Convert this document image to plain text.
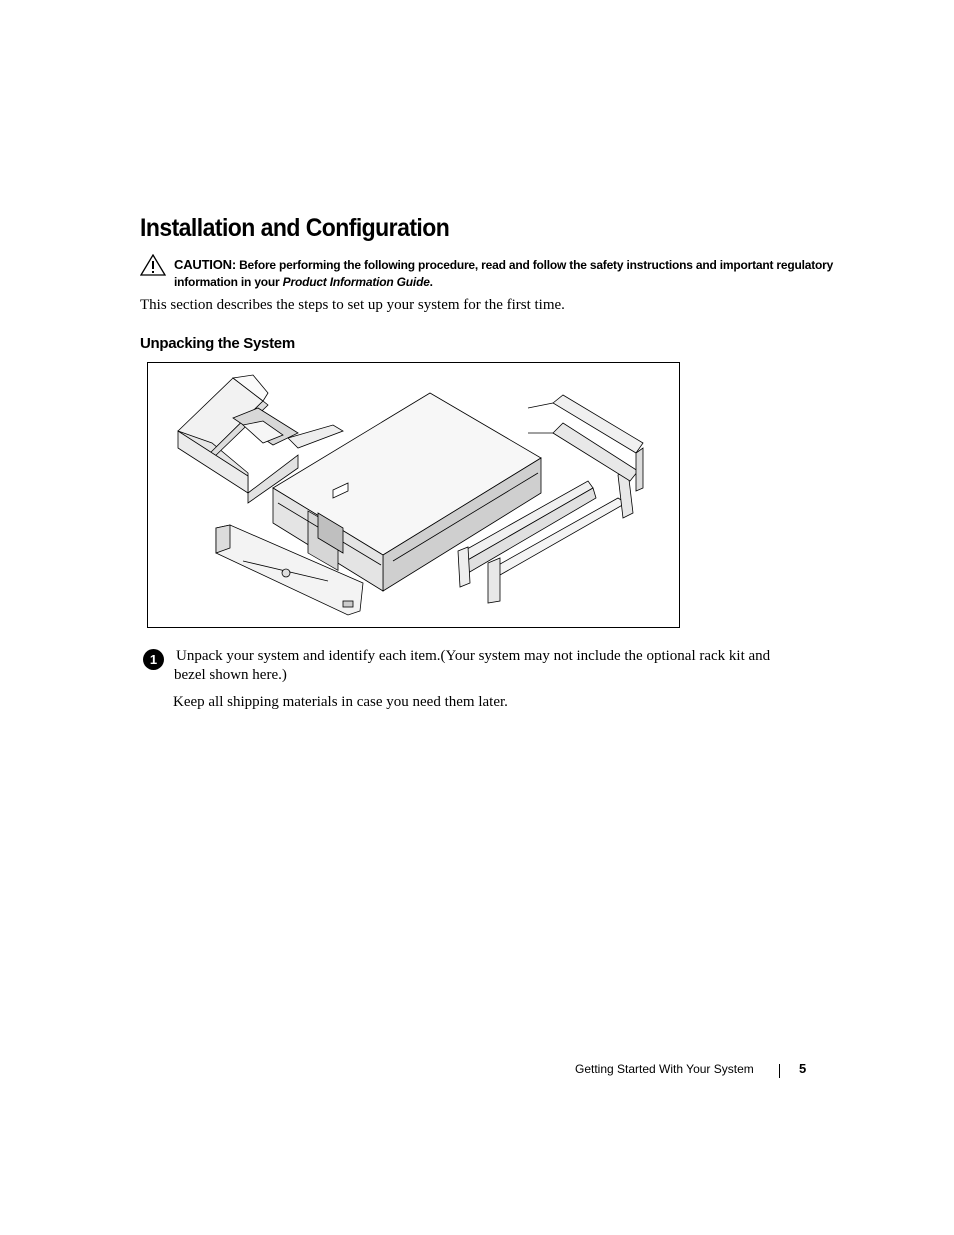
Installation and Configuration
CAUTION: Before performing the following procedure, read and follow the safety instructions and important regulatory information in your Product Information Guide.

This section describes the steps to set up your system for the first time.

Unpacking the System
1	Unpack your system and identify each item.(Your system may not include the optional rack kit and bezel shown here.)

Keep all shipping materials in case you need them later.

Getting Started With Your System	5
